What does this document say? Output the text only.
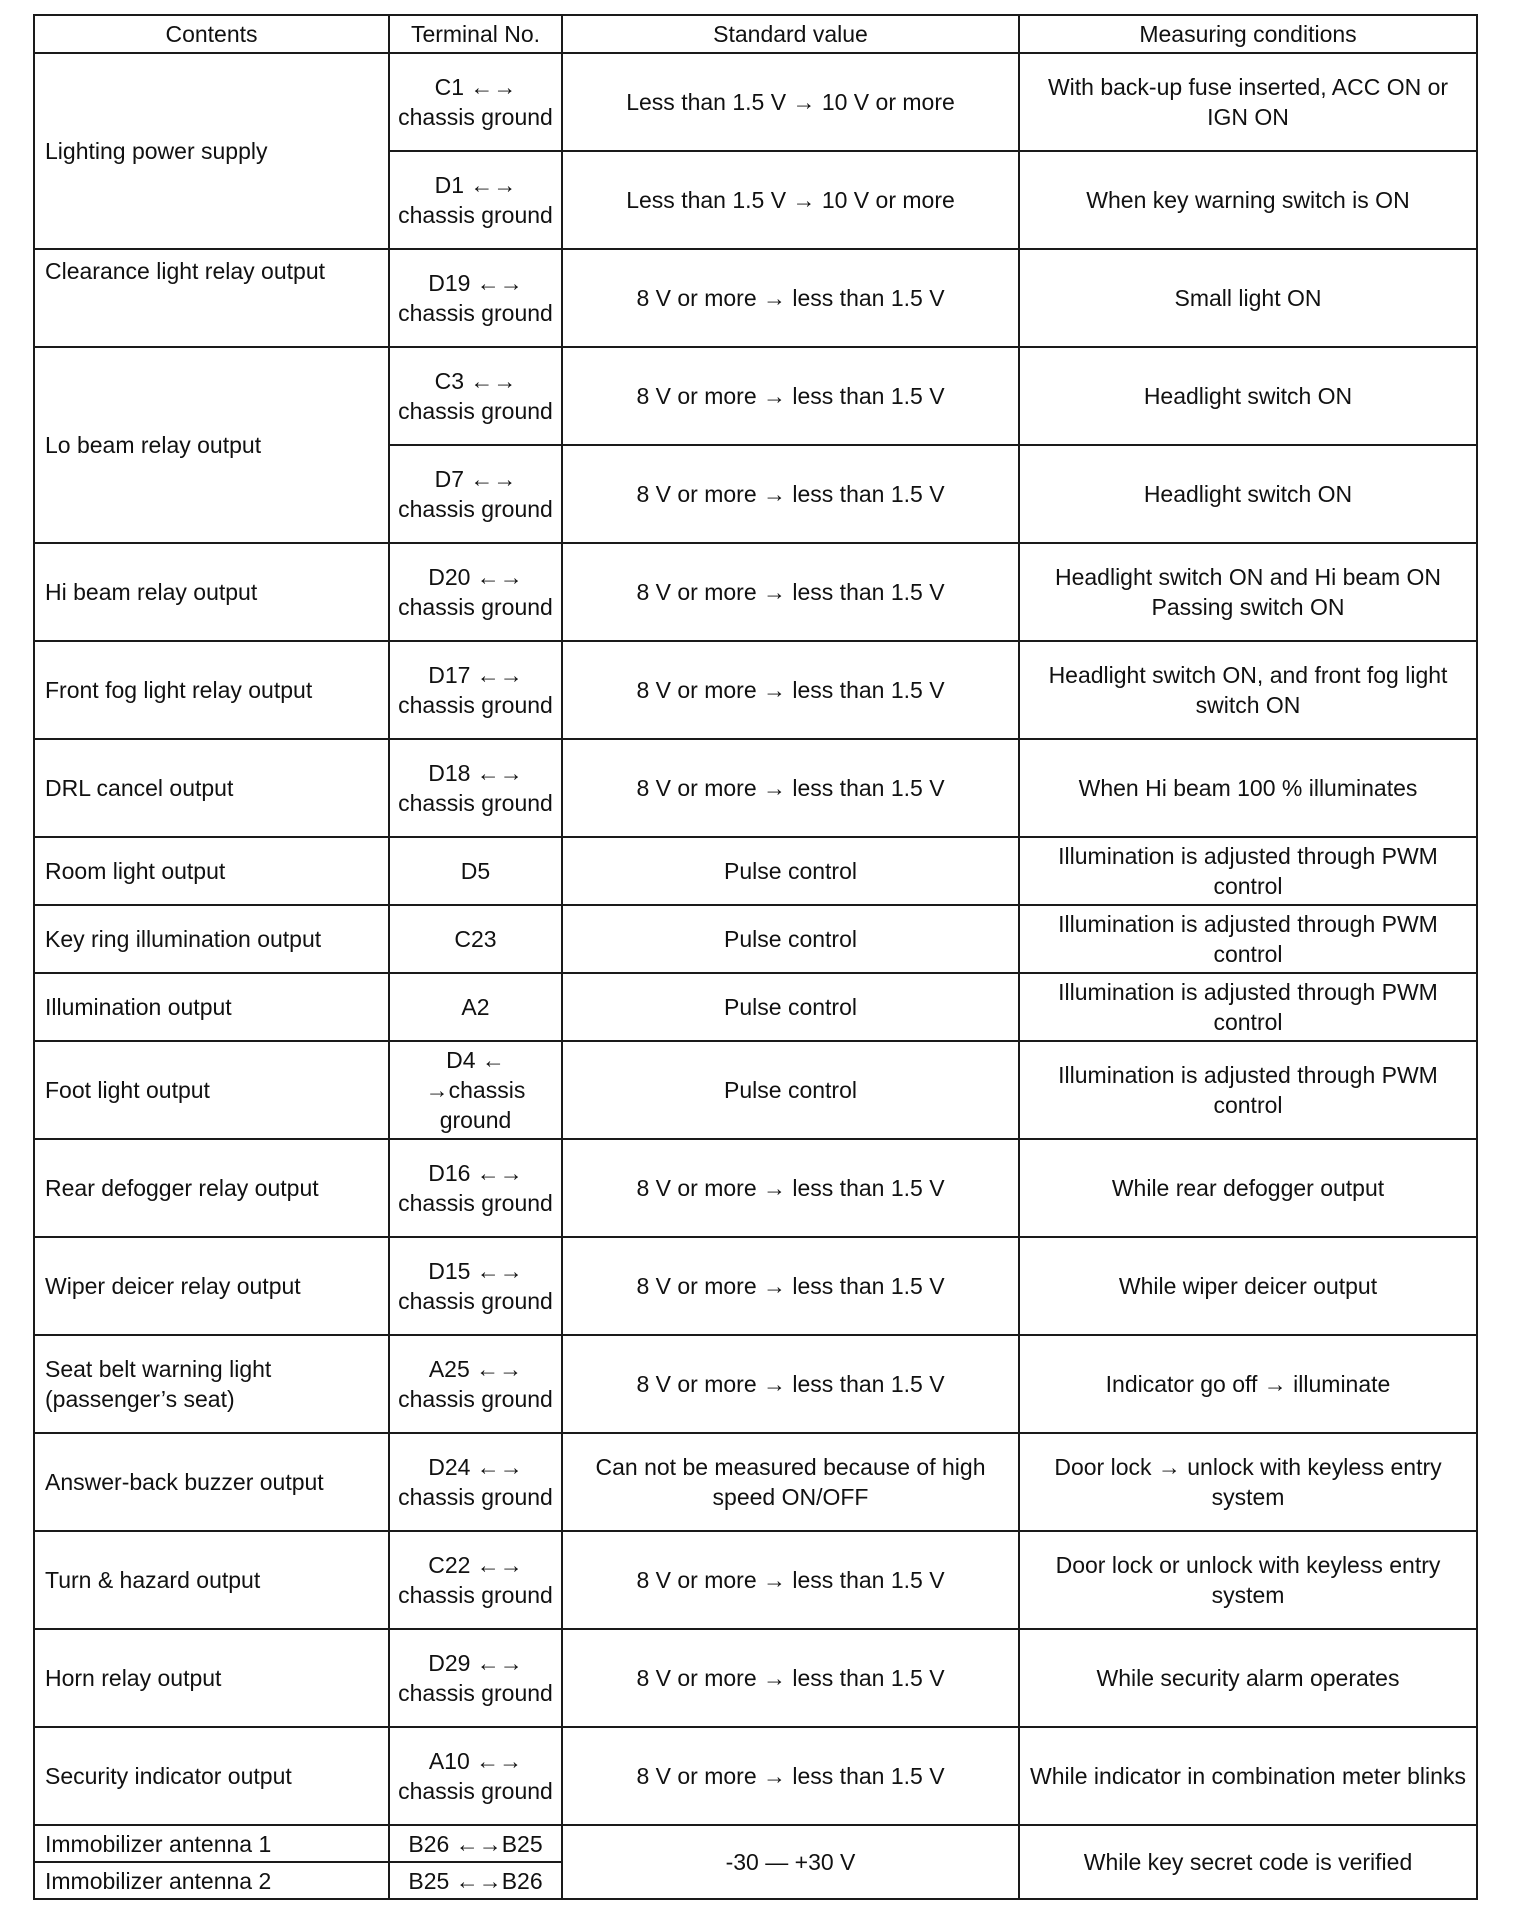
Contents	Terminal No.	Standard value	Measuring conditions
Lighting power supply	C1 ←→ chassis ground	Less than 1.5 V → 10 V or more	With back-up fuse inserted, ACC ON or IGN ON
	D1 ←→ chassis ground	Less than 1.5 V → 10 V or more	When key warning switch is ON
Clearance light relay output	D19 ←→ chassis ground	8 V or more → less than 1.5 V	Small light ON
Lo beam relay output	C3 ←→ chassis ground	8 V or more → less than 1.5 V	Headlight switch ON
	D7 ←→ chassis ground	8 V or more → less than 1.5 V	Headlight switch ON
Hi beam relay output	D20 ←→ chassis ground	8 V or more → less than 1.5 V	Headlight switch ON and Hi beam ON Passing switch ON
Front fog light relay output	D17 ←→ chassis ground	8 V or more → less than 1.5 V	Headlight switch ON, and front fog light switch ON
DRL cancel output	D18 ←→ chassis ground	8 V or more → less than 1.5 V	When Hi beam 100 % illuminates
Room light output	D5	Pulse control	Illumination is adjusted through PWM control
Key ring illumination output	C23	Pulse control	Illumination is adjusted through PWM control
Illumination output	A2	Pulse control	Illumination is adjusted through PWM control
Foot light output	D4 ← →chassis ground	Pulse control	Illumination is adjusted through PWM control
Rear defogger relay output	D16 ←→ chassis ground	8 V or more → less than 1.5 V	While rear defogger output
Wiper deicer relay output	D15 ←→ chassis ground	8 V or more → less than 1.5 V	While wiper deicer output
Seat belt warning light (passenger’s seat)	A25 ←→ chassis ground	8 V or more → less than 1.5 V	Indicator go off → illuminate
Answer-back buzzer output	D24 ←→ chassis ground	Can not be measured because of high speed ON/OFF	Door lock → unlock with keyless entry system
Turn & hazard output	C22 ←→ chassis ground	8 V or more → less than 1.5 V	Door lock or unlock with keyless entry system
Horn relay output	D29 ←→ chassis ground	8 V or more → less than 1.5 V	While security alarm operates
Security indicator output	A10 ←→ chassis ground	8 V or more → less than 1.5 V	While indicator in combination meter blinks
Immobilizer antenna 1	B26 ←→B25	-30 — +30 V	While key secret code is verified
Immobilizer antenna 2	B25 ←→B26		
